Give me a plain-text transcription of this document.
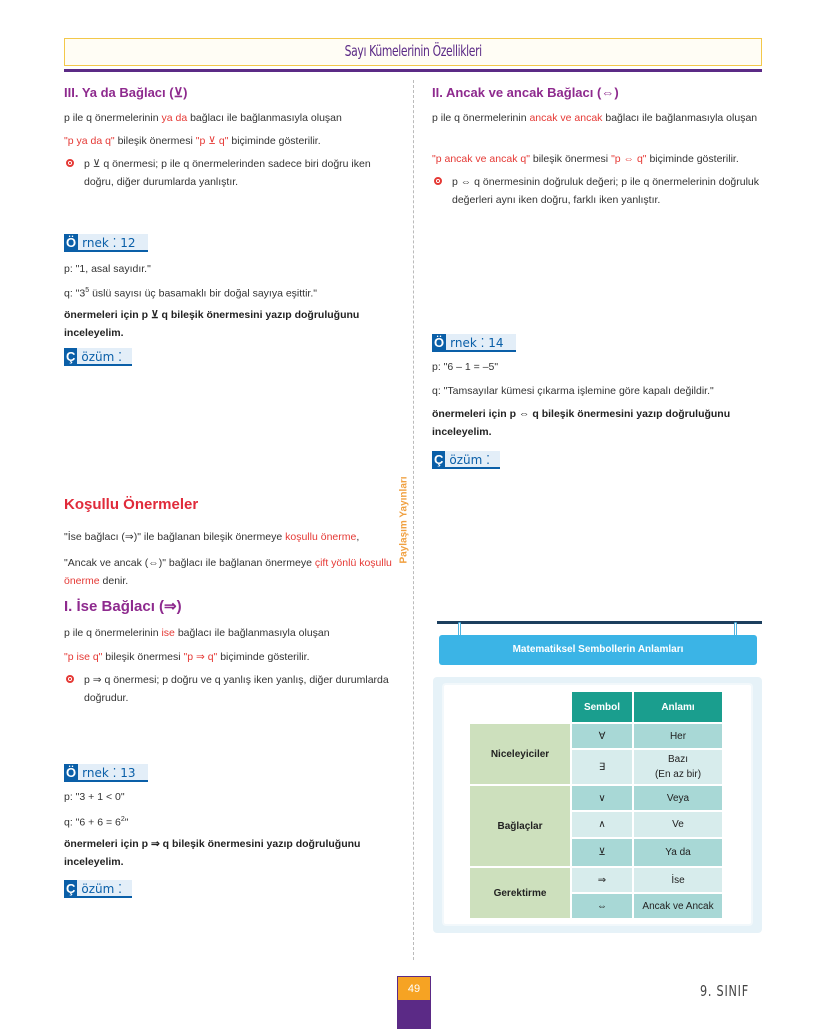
Sayı Kümelerinin Özellikleri
Paylaşım Yayınları
III. Ya da Bağlacı (⊻)
p ile q önermelerinin ya da bağlacı ile bağlanmasıyla oluşan
"p ya da q" bileşik önermesi "p ⊻ q" biçiminde gösterilir.
p ⊻ q önermesi; p ile q önermelerinden sadece biri doğru iken doğru, diğer durumlarda yanlıştır.
Ö rnek ⁚ 12
p: "1, asal sayıdır."
q: "$3^5$ üslü sayısı üç basamaklı bir doğal sayıya eşittir."
önermeleri için p ⊻ q bileşik önermesini yazıp doğruluğunu inceleyelim.
Ç özüm ⁚
Koşullu Önermeler
"İse bağlacı (⇒)" ile bağlanan bileşik önermeye koşullu önerme,
"Ancak ve ancak (⇔)" bağlacı ile bağlanan önermeye çift yönlü koşullu önerme denir.
I. İse Bağlacı (⇒)
p ile q önermelerinin ise bağlacı ile bağlanmasıyla oluşan
"p ise q" bileşik önermesi "p ⇒ q" biçiminde gösterilir.
p ⇒ q önermesi; p doğru ve q yanlış iken yanlış, diğer durumlarda doğrudur.
Ö rnek ⁚ 13
p: "3 + 1 < 0"
q: "$6 + 6 = 6^2$"
önermeleri için p ⇒ q bileşik önermesini yazıp doğruluğunu inceleyelim.
Ç özüm ⁚
II. Ancak ve ancak Bağlacı (⇔)
p ile q önermelerinin ancak ve ancak bağlacı ile bağlanmasıyla oluşan
"p ancak ve ancak q" bileşik önermesi "p ⇔ q" biçiminde gösterilir.
p ⇔ q önermesinin doğruluk değeri; p ile q önermelerinin doğruluk değerleri aynı iken doğru, farklı iken yanlıştır.
Ö rnek ⁚ 14
p: "6 – 1 = –5"
q: "Tamsayılar kümesi çıkarma işlemine göre kapalı değildir."
önermeleri için p ⇔ q bileşik önermesini yazıp doğruluğunu inceleyelim.
Ç özüm ⁚
Matematiksel Sembollerin Anlamları
	Sembol	Anlamı
Niceleyiciler	∀	Her
	∃	Bazı
(En az bir)
Bağlaçlar	∨	Veya
	∧	Ve
	⊻	Ya da
Gerektirme	⇒	İse
	⇔	Ancak ve Ancak
49	9. SINIF
